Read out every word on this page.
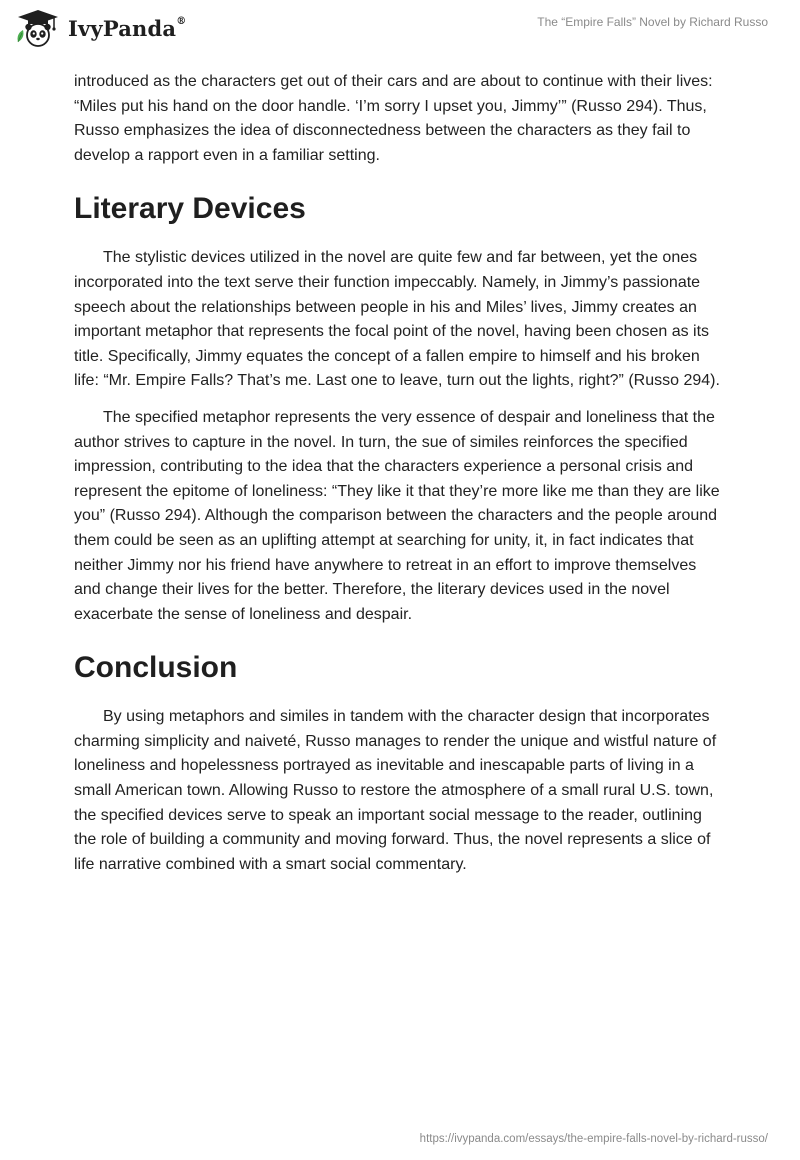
IvyPanda®	The “Empire Falls” Novel by Richard Russo

introduced as the characters get out of their cars and are about to continue with their lives: “Miles put his hand on the door handle. ‘I’m sorry I upset you, Jimmy’” (Russo 294). Thus, Russo emphasizes the idea of disconnectedness between the characters as they fail to develop a rapport even in a familiar setting.

Literary Devices

The stylistic devices utilized in the novel are quite few and far between, yet the ones incorporated into the text serve their function impeccably. Namely, in Jimmy’s passionate speech about the relationships between people in his and Miles’ lives, Jimmy creates an important metaphor that represents the focal point of the novel, having been chosen as its title. Specifically, Jimmy equates the concept of a fallen empire to himself and his broken life: “Mr. Empire Falls? That’s me. Last one to leave, turn out the lights, right?” (Russo 294).

The specified metaphor represents the very essence of despair and loneliness that the author strives to capture in the novel. In turn, the sue of similes reinforces the specified impression, contributing to the idea that the characters experience a personal crisis and represent the epitome of loneliness: “They like it that they’re more like me than they are like you” (Russo 294). Although the comparison between the characters and the people around them could be seen as an uplifting attempt at searching for unity, it, in fact indicates that neither Jimmy nor his friend have anywhere to retreat in an effort to improve themselves and change their lives for the better. Therefore, the literary devices used in the novel exacerbate the sense of loneliness and despair.

Conclusion

By using metaphors and similes in tandem with the character design that incorporates charming simplicity and naiveté, Russo manages to render the unique and wistful nature of loneliness and hopelessness portrayed as inevitable and inescapable parts of living in a small American town. Allowing Russo to restore the atmosphere of a small rural U.S. town, the specified devices serve to speak an important social message to the reader, outlining the role of building a community and moving forward. Thus, the novel represents a slice of life narrative combined with a smart social commentary.

https://ivypanda.com/essays/the-empire-falls-novel-by-richard-russo/
